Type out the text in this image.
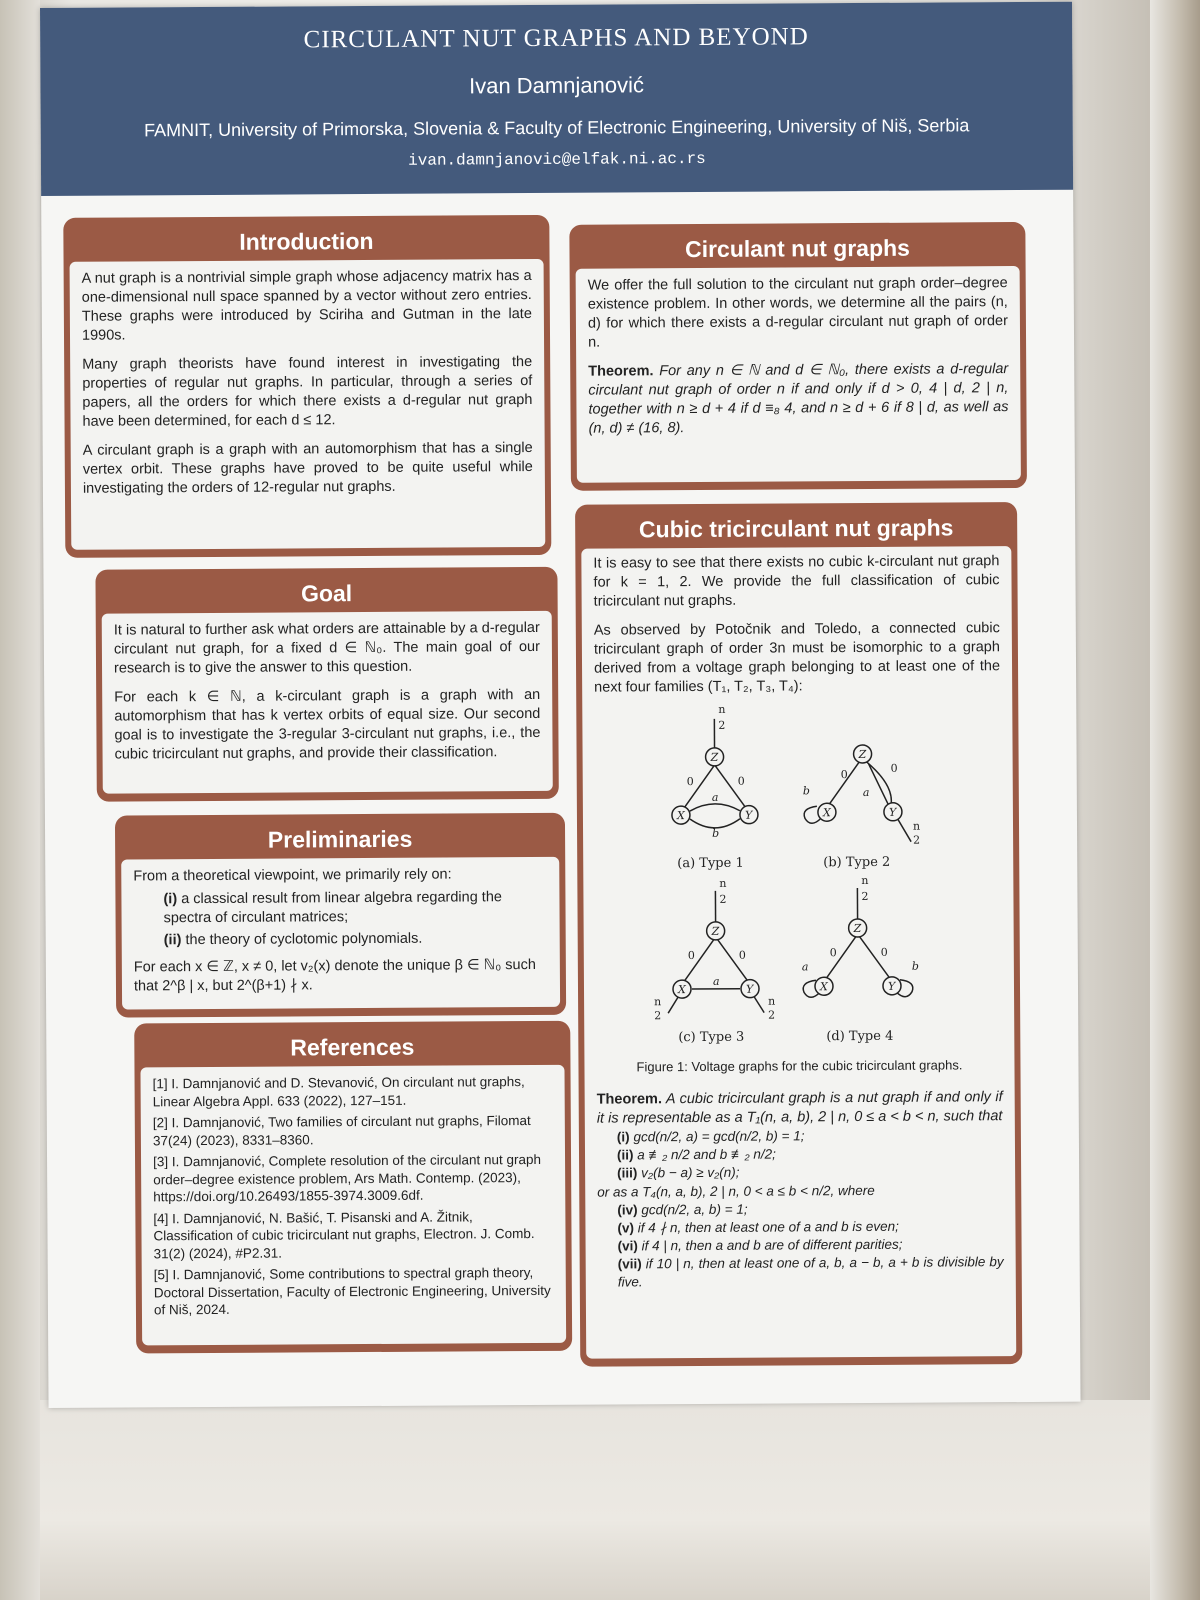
CIRCULANT NUT GRAPHS AND BEYOND
Ivan Damnjanović
FAMNIT, University of Primorska, Slovenia & Faculty of Electronic Engineering, University of Niš, Serbia
ivan.damnjanovic@elfak.ni.ac.rs
Introduction

A nut graph is a nontrivial simple graph whose adjacency matrix has a one-dimensional null space spanned by a vector without zero entries. These graphs were introduced by Sciriha and Gutman in the late 1990s.

Many graph theorists have found interest in investigating the properties of regular nut graphs. In particular, through a series of papers, all the orders for which there exists a d-regular nut graph have been determined, for each d ≤ 12.

A circulant graph is a graph with an automorphism that has a single vertex orbit. These graphs have proved to be quite useful while investigating the orders of 12-regular nut graphs.

Goal

It is natural to further ask what orders are attainable by a d-regular circulant nut graph, for a fixed d ∈ ℕ₀. The main goal of our research is to give the answer to this question.

For each k ∈ ℕ, a k-circulant graph is a graph with an automorphism that has k vertex orbits of equal size. Our second goal is to investigate the 3-regular 3-circulant nut graphs, i.e., the cubic tricirculant nut graphs, and provide their classification.

Preliminaries

From a theoretical viewpoint, we primarily rely on:

(i) a classical result from linear algebra regarding the spectra of circulant matrices;
(ii) the theory of cyclotomic polynomials.

For each x ∈ ℤ, x ≠ 0, let v₂(x) denote the unique β ∈ ℕ₀ such that 2^β | x, but 2^(β+1) ∤ x.

References
[1] I. Damnjanović and D. Stevanović, On circulant nut graphs, Linear Algebra Appl. 633 (2022), 127–151.
[2] I. Damnjanović, Two families of circulant nut graphs, Filomat 37(24) (2023), 8331–8360.
[3] I. Damnjanović, Complete resolution of the circulant nut graph order–degree existence problem, Ars Math. Contemp. (2023), https://doi.org/10.26493/1855-3974.3009.6df.
[4] I. Damnjanović, N. Bašić, T. Pisanski and A. Žitnik, Classification of cubic tricirculant nut graphs, Electron. J. Comb. 31(2) (2024), #P2.31.
[5] I. Damnjanović, Some contributions to spectral graph theory, Doctoral Dissertation, Faculty of Electronic Engineering, University of Niš, 2024.
Circulant nut graphs

We offer the full solution to the circulant nut graph order–degree existence problem. In other words, we determine all the pairs (n, d) for which there exists a d-regular circulant nut graph of order n.

Theorem. For any n ∈ ℕ and d ∈ ℕ₀, there exists a d-regular circulant nut graph of order n if and only if d > 0, 4 | d, 2 | n, together with n ≥ d + 4 if d ≡₈ 4, and n ≥ d + 6 if 8 | d, as well as (n, d) ≠ (16, 8).

Cubic tricirculant nut graphs

It is easy to see that there exists no cubic k-circulant nut graph for k = 1, 2. We provide the full classification of cubic tricirculant nut graphs.

As observed by Potočnik and Toledo, a connected cubic tricirculant graph of order 3n must be isomorphic to a graph derived from a voltage graph belonging to at least one of the next four families (T₁, T₂, T₃, T₄):

n
2
Z
X	Y
0	0
a
b
(a) Type 1
Z
X	Y
0	0
a
b
n
2
(b) Type 2
n
2
Z
X	Y
0	0
a
n
2
n
2
(c) Type 3
n
2
Z
X	Y
0	0
a	b
(d) Type 4
Figure 1: Voltage graphs for the cubic tricirculant graphs.
Theorem. A cubic tricirculant graph is a nut graph if and only if it is representable as a T₁(n, a, b), 2 | n, 0 ≤ a < b < n, such that
(i) gcd(n/2, a) = gcd(n/2, b) = 1;
(ii) a ≢₂ n/2 and b ≢₂ n/2;
(iii) v₂(b − a) ≥ v₂(n);
or as a T₄(n, a, b), 2 | n, 0 < a ≤ b < n/2, where
(iv) gcd(n/2, a, b) = 1;
(v) if 4 ∤ n, then at least one of a and b is even;
(vi) if 4 | n, then a and b are of different parities;
(vii) if 10 | n, then at least one of a, b, a − b, a + b is divisible by five.
